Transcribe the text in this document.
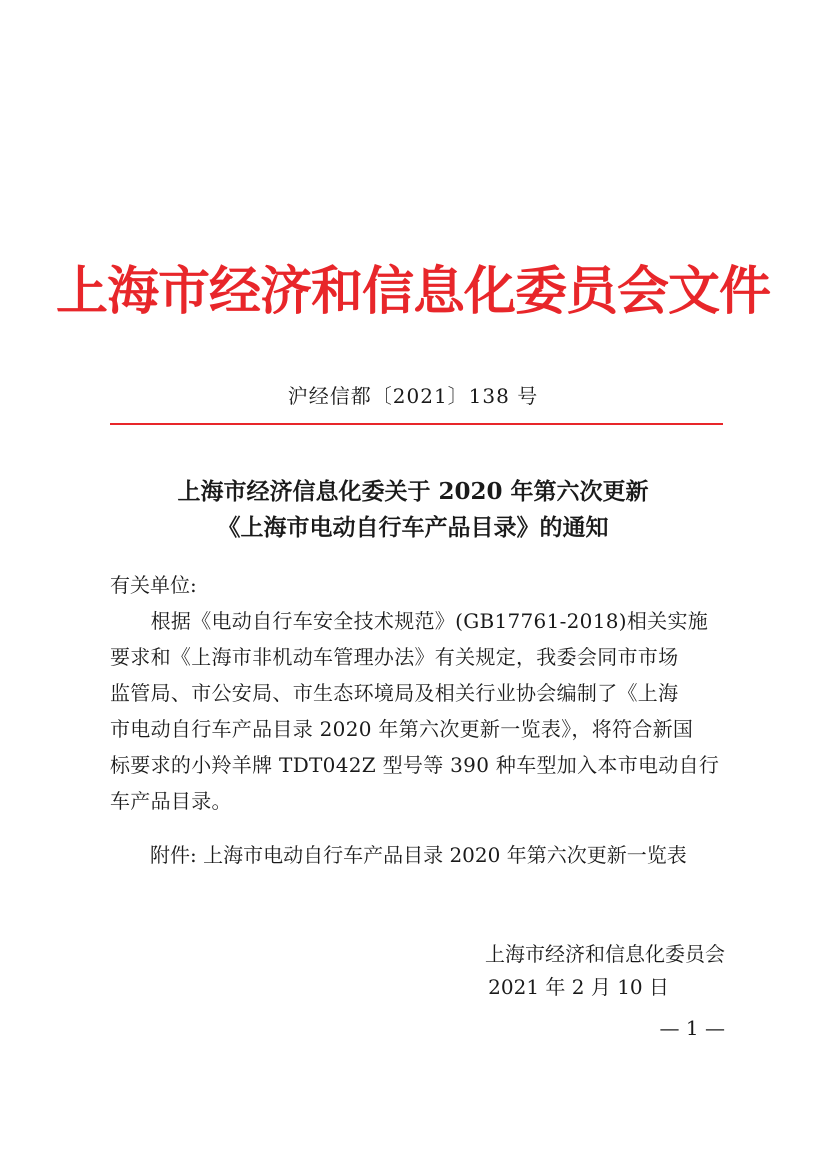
上海市经济和信息化委员会文件
沪经信都〔2021〕138 号
上海市经济信息化委关于 2020 年第六次更新
《上海市电动自行车产品目录》的通知
有关单位:
　　根据《电动自行车安全技术规范》(GB17761-2018)相关实施
要求和《上海市非机动车管理办法》有关规定，我委会同市市场
监管局、市公安局、市生态环境局及相关行业协会编制了《上海
市电动自行车产品目录 2020 年第六次更新一览表》，将符合新国
标要求的小羚羊牌 TDT042Z 型号等 390 种车型加入本市电动自行
车产品目录。
附件: 上海市电动自行车产品目录 2020 年第六次更新一览表
上海市经济和信息化委员会
2021 年 2 月 10 日
— 1 —
